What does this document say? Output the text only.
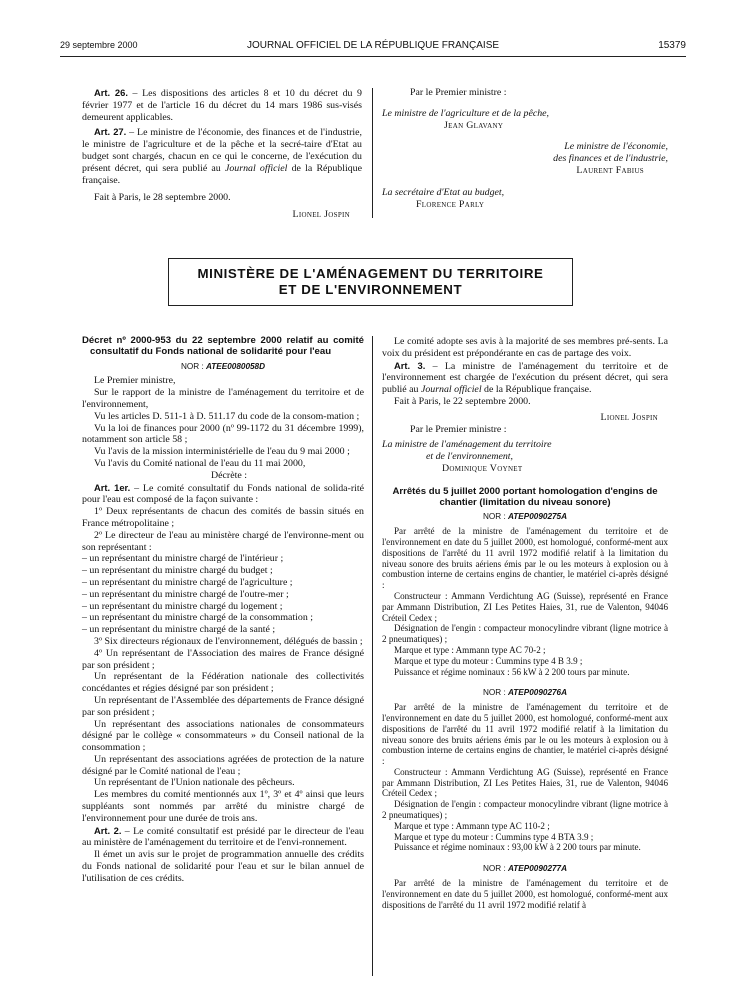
29 septembre 2000	JOURNAL OFFICIEL DE LA RÉPUBLIQUE FRANÇAISE	15379

Art. 26. – Les dispositions des articles 8 et 10 du décret du 9 février 1977 et de l'article 16 du décret du 14 mars 1986 sus-visés demeurent applicables.

Art. 27. – Le ministre de l'économie, des finances et de l'industrie, le ministre de l'agriculture et de la pêche et la secré-taire d'Etat au budget sont chargés, chacun en ce qui le concerne, de l'exécution du présent décret, qui sera publié au Journal officiel de la République française.

Fait à Paris, le 28 septembre 2000.

Lionel Jospin

Par le Premier ministre :

Le ministre de l'agriculture et de la pêche,

Jean Glavany

Le ministre de l'économie,

des finances et de l'industrie,

Laurent Fabius

La secrétaire d'Etat au budget,

Florence Parly

MINISTÈRE DE L'AMÉNAGEMENT DU TERRITOIRE
ET DE L'ENVIRONNEMENT
Décret nº 2000-953 du 22 septembre 2000 relatif au comité consultatif du Fonds national de solidarité pour l'eau
NOR : ATEE0080058D

Le Premier ministre,

Sur le rapport de la ministre de l'aménagement du territoire et de l'environnement,

Vu les articles D. 511-1 à D. 511.17 du code de la consom-mation ;

Vu la loi de finances pour 2000 (nº 99-1172 du 31 décembre 1999), notamment son article 58 ;

Vu l'avis de la mission interministérielle de l'eau du 9 mai 2000 ;

Vu l'avis du Comité national de l'eau du 11 mai 2000,

Décrète :

Art. 1er. – Le comité consultatif du Fonds national de solida-rité pour l'eau est composé de la façon suivante :

1º Deux représentants de chacun des comités de bassin situés en France métropolitaine ;

2º Le directeur de l'eau au ministère chargé de l'environne-ment ou son représentant :

– un représentant du ministre chargé de l'intérieur ;

– un représentant du ministre chargé du budget ;

– un représentant du ministre chargé de l'agriculture ;

– un représentant du ministre chargé de l'outre-mer ;

– un représentant du ministre chargé du logement ;

– un représentant du ministre chargé de la consommation ;

– un représentant du ministre chargé de la santé ;

3º Six directeurs régionaux de l'environnement, délégués de bassin ;

4º Un représentant de l'Association des maires de France désigné par son président ;

Un représentant de la Fédération nationale des collectivités concédantes et régies désigné par son président ;

Un représentant de l'Assemblée des départements de France désigné par son président ;

Un représentant des associations nationales de consommateurs désigné par le collège « consommateurs » du Conseil national de la consommation ;

Un représentant des associations agréées de protection de la nature désigné par le Comité national de l'eau ;

Un représentant de l'Union nationale des pêcheurs.

Les membres du comité mentionnés aux 1º, 3º et 4º ainsi que leurs suppléants sont nommés par arrêté du ministre chargé de l'environnement pour une durée de trois ans.

Art. 2. – Le comité consultatif est présidé par le directeur de l'eau au ministère de l'aménagement du territoire et de l'envi-ronnement.

Il émet un avis sur le projet de programmation annuelle des crédits du Fonds national de solidarité pour l'eau et sur le bilan annuel de l'utilisation de ces crédits.

Le comité adopte ses avis à la majorité de ses membres pré-sents. La voix du président est prépondérante en cas de partage des voix.

Art. 3. – La ministre de l'aménagement du territoire et de l'environnement est chargée de l'exécution du présent décret, qui sera publié au Journal officiel de la République française.

Fait à Paris, le 22 septembre 2000.

Lionel Jospin

Par le Premier ministre :

La ministre de l'aménagement du territoire

et de l'environnement,

Dominique Voynet

Arrêtés du 5 juillet 2000 portant homologation d'engins de chantier (limitation du niveau sonore)
NOR : ATEP0090275A

Par arrêté de la ministre de l'aménagement du territoire et de l'environnement en date du 5 juillet 2000, est homologué, conformé-ment aux dispositions de l'arrêté du 11 avril 1972 modifié relatif à la limitation du niveau sonore des bruits aériens émis par le ou les moteurs à explosion ou à combustion interne de certains engins de chantier, le matériel ci-après désigné :

Constructeur : Ammann Verdichtung AG (Suisse), représenté en France par Ammann Distribution, ZI Les Petites Haies, 31, rue de Valenton, 94046 Créteil Cedex ;

Désignation de l'engin : compacteur monocylindre vibrant (ligne motrice à 2 pneumatiques) ;

Marque et type : Ammann type AC 70-2 ;

Marque et type du moteur : Cummins type 4 B 3.9 ;

Puissance et régime nominaux : 56 kW à 2 200 tours par minute.

NOR : ATEP0090276A

Par arrêté de la ministre de l'aménagement du territoire et de l'environnement en date du 5 juillet 2000, est homologué, conformé-ment aux dispositions de l'arrêté du 11 avril 1972 modifié relatif à la limitation du niveau sonore des bruits aériens émis par le ou les moteurs à explosion ou à combustion interne de certains engins de chantier, le matériel ci-après désigné :

Constructeur : Ammann Verdichtung AG (Suisse), représenté en France par Ammann Distribution, ZI Les Petites Haies, 31, rue de Valenton, 94046 Créteil Cedex ;

Désignation de l'engin : compacteur monocylindre vibrant (ligne motrice à 2 pneumatiques) ;

Marque et type : Ammann type AC 110-2 ;

Marque et type du moteur : Cummins type 4 BTA 3.9 ;

Puissance et régime nominaux : 93,00 kW à 2 200 tours par minute.

NOR : ATEP0090277A

Par arrêté de la ministre de l'aménagement du territoire et de l'environnement en date du 5 juillet 2000, est homologué, conformé-ment aux dispositions de l'arrêté du 11 avril 1972 modifié relatif à
